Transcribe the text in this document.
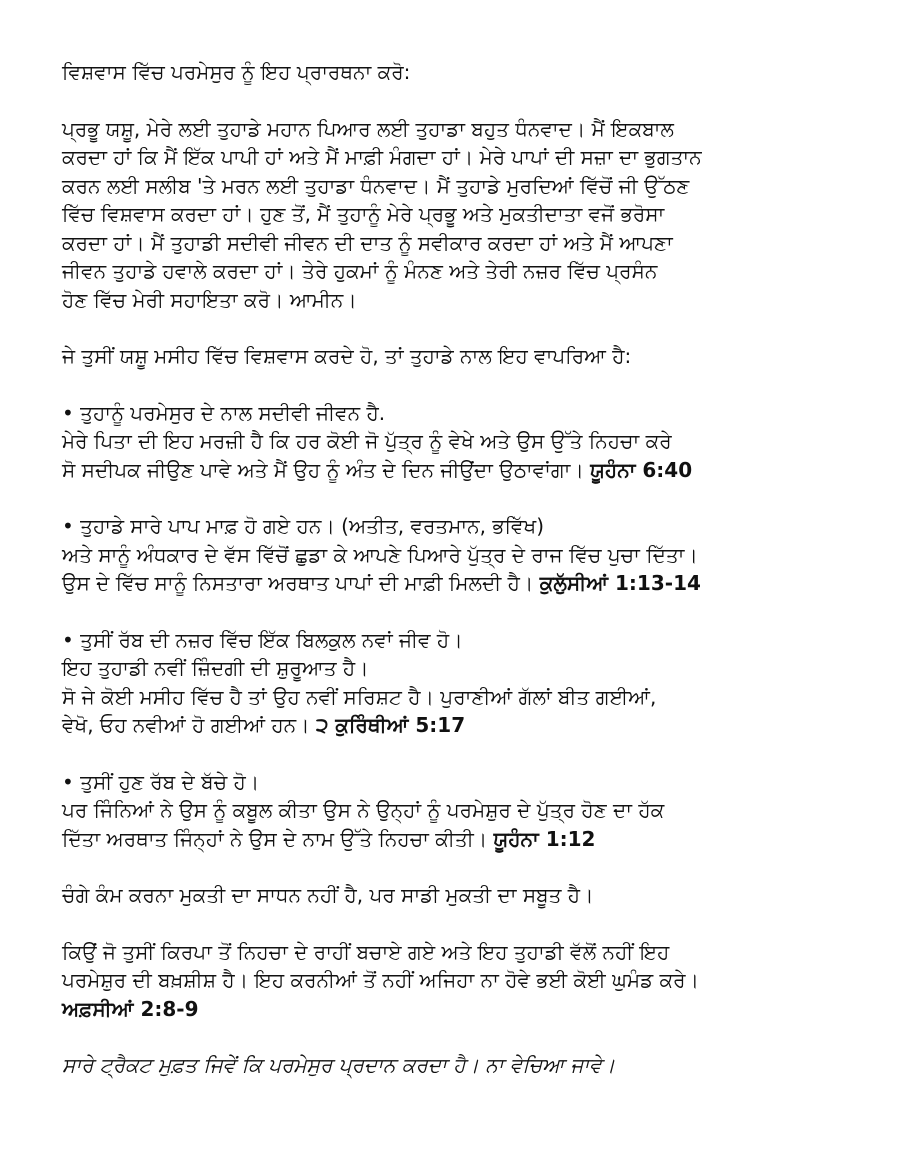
ਵਿਸ਼ਵਾਸ ਵਿੱਚ ਪਰਮੇਸੁਰ ਨੂੰ ਇਹ ਪ੍ਰਾਰਥਨਾ ਕਰੋ:
ਪ੍ਰਭੂ ਯਸ਼ੂ, ਮੇਰੇ ਲਈ ਤੁਹਾਡੇ ਮਹਾਨ ਪਿਆਰ ਲਈ ਤੁਹਾਡਾ ਬਹੁਤ ਧੰਨਵਾਦ। ਮੈਂ ਇਕਬਾਲ
ਕਰਦਾ ਹਾਂ ਕਿ ਮੈਂ ਇੱਕ ਪਾਪੀ ਹਾਂ ਅਤੇ ਮੈਂ ਮਾਫ਼ੀ ਮੰਗਦਾ ਹਾਂ। ਮੇਰੇ ਪਾਪਾਂ ਦੀ ਸਜ਼ਾ ਦਾ ਭੁਗਤਾਨ
ਕਰਨ ਲਈ ਸਲੀਬ 'ਤੇ ਮਰਨ ਲਈ ਤੁਹਾਡਾ ਧੰਨਵਾਦ। ਮੈਂ ਤੁਹਾਡੇ ਮੁਰਦਿਆਂ ਵਿੱਚੋਂ ਜੀ ਉੱਠਣ
ਵਿੱਚ ਵਿਸ਼ਵਾਸ ਕਰਦਾ ਹਾਂ। ਹੁਣ ਤੋਂ, ਮੈਂ ਤੁਹਾਨੂੰ ਮੇਰੇ ਪ੍ਰਭੂ ਅਤੇ ਮੁਕਤੀਦਾਤਾ ਵਜੋਂ ਭਰੋਸਾ
ਕਰਦਾ ਹਾਂ। ਮੈਂ ਤੁਹਾਡੀ ਸਦੀਵੀ ਜੀਵਨ ਦੀ ਦਾਤ ਨੂੰ ਸਵੀਕਾਰ ਕਰਦਾ ਹਾਂ ਅਤੇ ਮੈਂ ਆਪਣਾ
ਜੀਵਨ ਤੁਹਾਡੇ ਹਵਾਲੇ ਕਰਦਾ ਹਾਂ। ਤੇਰੇ ਹੁਕਮਾਂ ਨੂੰ ਮੰਨਣ ਅਤੇ ਤੇਰੀ ਨਜ਼ਰ ਵਿੱਚ ਪ੍ਰਸੰਨ
ਹੋਣ ਵਿੱਚ ਮੇਰੀ ਸਹਾਇਤਾ ਕਰੋ। ਆਮੀਨ।
ਜੇ ਤੁਸੀਂ ਯਸ਼ੂ ਮਸੀਹ ਵਿੱਚ ਵਿਸ਼ਵਾਸ ਕਰਦੇ ਹੋ, ਤਾਂ ਤੁਹਾਡੇ ਨਾਲ ਇਹ ਵਾਪਰਿਆ ਹੈ:
• ਤੁਹਾਨੂੰ ਪਰਮੇਸੁਰ ਦੇ ਨਾਲ ਸਦੀਵੀ ਜੀਵਨ ਹੈ.
ਮੇਰੇ ਪਿਤਾ ਦੀ ਇਹ ਮਰਜ਼ੀ ਹੈ ਕਿ ਹਰ ਕੋਈ ਜੋ ਪੁੱਤ੍ਰ ਨੂੰ ਵੇਖੇ ਅਤੇ ਉਸ ਉੱਤੇ ਨਿਹਚਾ ਕਰੇ
ਸੋ ਸਦੀਪਕ ਜੀਉਣ ਪਾਵੇ ਅਤੇ ਮੈਂ ਉਹ ਨੂੰ ਅੰਤ ਦੇ ਦਿਨ ਜੀਉਂਦਾ ਉਠਾਵਾਂਗਾ। ਯੂਹੰਨਾ 6:40
• ਤੁਹਾਡੇ ਸਾਰੇ ਪਾਪ ਮਾਫ਼ ਹੋ ਗਏ ਹਨ। (ਅਤੀਤ, ਵਰਤਮਾਨ, ਭਵਿੱਖ)
ਅਤੇ ਸਾਨੂੰ ਅੰਧਕਾਰ ਦੇ ਵੱਸ ਵਿੱਚੋਂ ਛੁਡਾ ਕੇ ਆਪਣੇ ਪਿਆਰੇ ਪੁੱਤ੍ਰ ਦੇ ਰਾਜ ਵਿੱਚ ਪੁਚਾ ਦਿੱਤਾ।
ਉਸ ਦੇ ਵਿੱਚ ਸਾਨੂੰ ਨਿਸਤਾਰਾ ਅਰਥਾਤ ਪਾਪਾਂ ਦੀ ਮਾਫ਼ੀ ਮਿਲਦੀ ਹੈ। ਕੁਲੁੱਸੀਆਂ 1:13-14
• ਤੁਸੀਂ ਰੱਬ ਦੀ ਨਜ਼ਰ ਵਿੱਚ ਇੱਕ ਬਿਲਕੁਲ ਨਵਾਂ ਜੀਵ ਹੋ।
ਇਹ ਤੁਹਾਡੀ ਨਵੀਂ ਜ਼ਿੰਦਗੀ ਦੀ ਸ਼ੁਰੂਆਤ ਹੈ।
ਸੋ ਜੇ ਕੋਈ ਮਸੀਹ ਵਿੱਚ ਹੈ ਤਾਂ ਉਹ ਨਵੀਂ ਸਰਿਸ਼ਟ ਹੈ। ਪੁਰਾਣੀਆਂ ਗੱਲਾਂ ਬੀਤ ਗਈਆਂ,
ਵੇਖੋ, ਓਹ ਨਵੀਆਂ ਹੋ ਗਈਆਂ ਹਨ। ੨ ਕੁਰਿੰਥੀਆਂ 5:17
• ਤੁਸੀਂ ਹੁਣ ਰੱਬ ਦੇ ਬੱਚੇ ਹੋ।
ਪਰ ਜਿੰਨਿਆਂ ਨੇ ਉਸ ਨੂੰ ਕਬੂਲ ਕੀਤਾ ਉਸ ਨੇ ਉਨ੍ਹਾਂ ਨੂੰ ਪਰਮੇਸ਼ੁਰ ਦੇ ਪੁੱਤ੍ਰ ਹੋਣ ਦਾ ਹੱਕ
ਦਿੱਤਾ ਅਰਥਾਤ ਜਿੰਨ੍ਹਾਂ ਨੇ ਉਸ ਦੇ ਨਾਮ ਉੱਤੇ ਨਿਹਚਾ ਕੀਤੀ। ਯੂਹੰਨਾ 1:12
ਚੰਗੇ ਕੰਮ ਕਰਨਾ ਮੁਕਤੀ ਦਾ ਸਾਧਨ ਨਹੀਂ ਹੈ, ਪਰ ਸਾਡੀ ਮੁਕਤੀ ਦਾ ਸਬੂਤ ਹੈ।
ਕਿਉਂ ਜੋ ਤੁਸੀਂ ਕਿਰਪਾ ਤੋਂ ਨਿਹਚਾ ਦੇ ਰਾਹੀਂ ਬਚਾਏ ਗਏ ਅਤੇ ਇਹ ਤੁਹਾਡੀ ਵੱਲੋਂ ਨਹੀਂ ਇਹ
ਪਰਮੇਸ਼ੁਰ ਦੀ ਬਖ਼ਸ਼ੀਸ਼ ਹੈ। ਇਹ ਕਰਨੀਆਂ ਤੋਂ ਨਹੀਂ ਅਜਿਹਾ ਨਾ ਹੋਵੇ ਭਈ ਕੋਈ ਘੁਮੰਡ ਕਰੇ।
ਅਫ਼ਸੀਆਂ 2:8-9
ਸਾਰੇ ਟ੍ਰੈਕਟ ਮੁਫ਼ਤ ਜਿਵੇਂ ਕਿ ਪਰਮੇਸੁਰ ਪ੍ਰਦਾਨ ਕਰਦਾ ਹੈ। ਨਾ ਵੇਚਿਆ ਜਾਵੇ।
